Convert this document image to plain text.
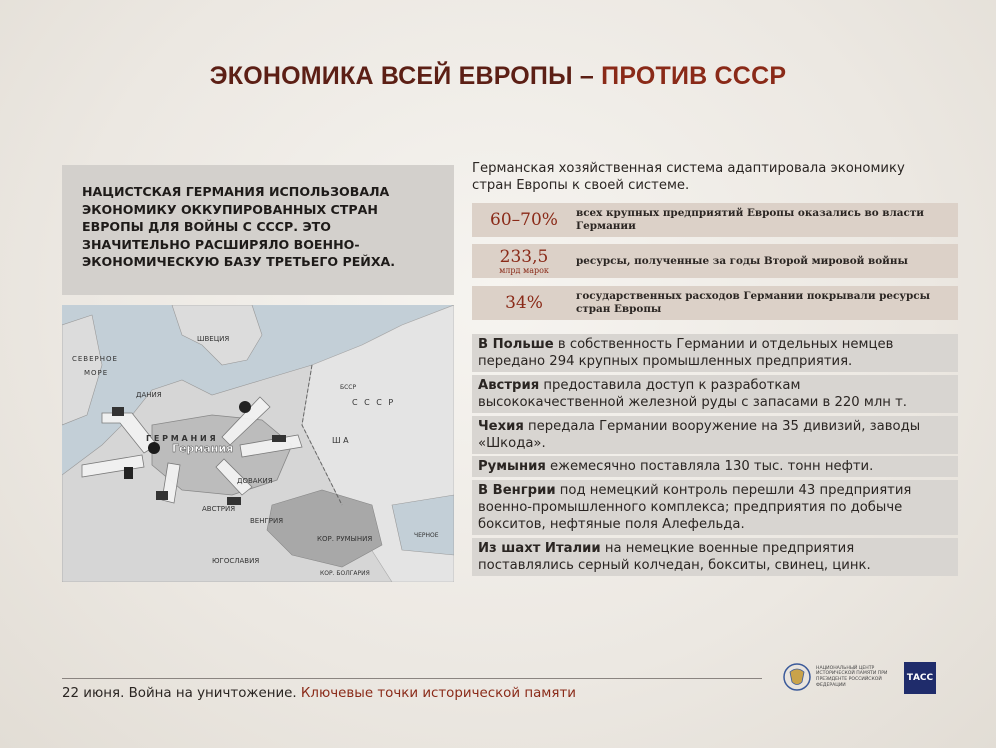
ЭКОНОМИКА ВСЕЙ ЕВРОПЫ – ПРОТИВ СССР

НАЦИСТСКАЯ ГЕРМАНИЯ ИСПОЛЬЗОВАЛА ЭКОНОМИКУ ОККУПИРОВАННЫХ СТРАН ЕВРОПЫ ДЛЯ ВОЙНЫ С СССР. ЭТО ЗНАЧИТЕЛЬНО РАСШИРЯЛО ВОЕННО-ЭКОНОМИЧЕСКУЮ БАЗУ ТРЕТЬЕГО РЕЙХА.

ШВЕЦИЯ
СЕВЕРНОЕ
МОРЕ
ДАНИЯ
Г Е Р М А Н И Я
Германия
Ш А
БССР
С С С Р
ДОВАКИЯ
АВСТРИЯ
ВЕНГРИЯ
КОР. РУМЫНИЯ
ЮГОСЛАВИЯ
КОР. БОЛГАРИЯ
ЧЕРНОЕ
Германская хозяйственная система адаптировала экономику стран Европы к своей системе.
60–70%	всех крупных предприятий Европы оказались во власти Германии
233,5
млрд марок
ресурсы, полученные за годы Второй мировой войны
34%	государственных расходов Германии покрывали ресурсы стран Европы
В Польше в собственность Германии и отдельных немцев передано 294 крупных промышленных предприятия.
Австрия предоставила доступ к разработкам высококачественной железной руды с запасами в 220 млн т.
Чехия передала Германии вооружение на 35 дивизий, заводы «Шкода».
Румыния ежемесячно поставляла 130 тыс. тонн нефти.
В Венгрии под немецкий контроль перешли 43 предприятия военно-промышленного комплекса; предприятия по добыче бокситов, нефтяные поля Алефельда.
Из шахт Италии на немецкие военные предприятия поставлялись серный колчедан, бокситы, свинец, цинк.
22 июня. Война на уничтожение. Ключевые точки исторической памяти
НАЦИОНАЛЬНЫЙ ЦЕНТР ИСТОРИЧЕСКОЙ ПАМЯТИ ПРИ ПРЕЗИДЕНТЕ РОССИЙСКОЙ ФЕДЕРАЦИИ
ТАСС
